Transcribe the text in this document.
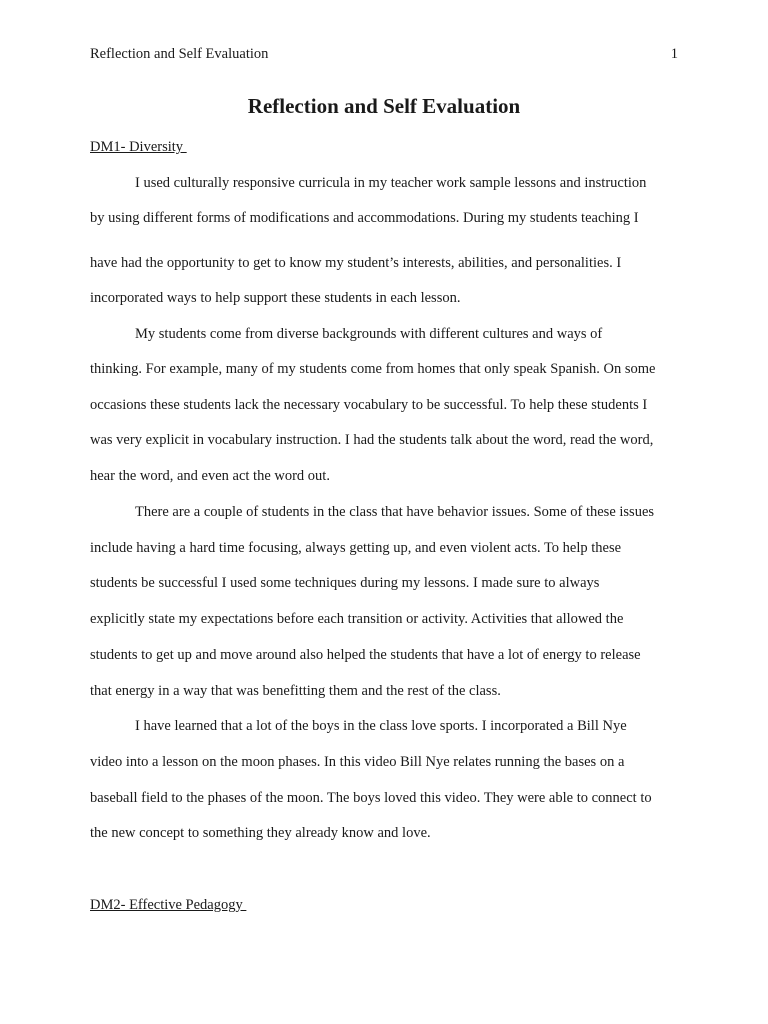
Reflection and Self Evaluation	1
Reflection and Self Evaluation
DM1- Diversity
I used culturally responsive curricula in my teacher work sample lessons and instruction
by using different forms of modifications and accommodations. During my students teaching I
have had the opportunity to get to know my student’s interests, abilities, and personalities. I
incorporated ways to help support these students in each lesson.
My students come from diverse backgrounds with different cultures and ways of
thinking. For example, many of my students come from homes that only speak Spanish. On some
occasions these students lack the necessary vocabulary to be successful. To help these students I
was very explicit in vocabulary instruction. I had the students talk about the word, read the word,
hear the word, and even act the word out.
There are a couple of students in the class that have behavior issues. Some of these issues
include having a hard time focusing, always getting up, and even violent acts. To help these
students be successful I used some techniques during my lessons. I made sure to always
explicitly state my expectations before each transition or activity. Activities that allowed the
students to get up and move around also helped the students that have a lot of energy to release
that energy in a way that was benefitting them and the rest of the class.
I have learned that a lot of the boys in the class love sports. I incorporated a Bill Nye
video into a lesson on the moon phases. In this video Bill Nye relates running the bases on a
baseball field to the phases of the moon. The boys loved this video. They were able to connect to
the new concept to something they already know and love.
DM2- Effective Pedagogy
